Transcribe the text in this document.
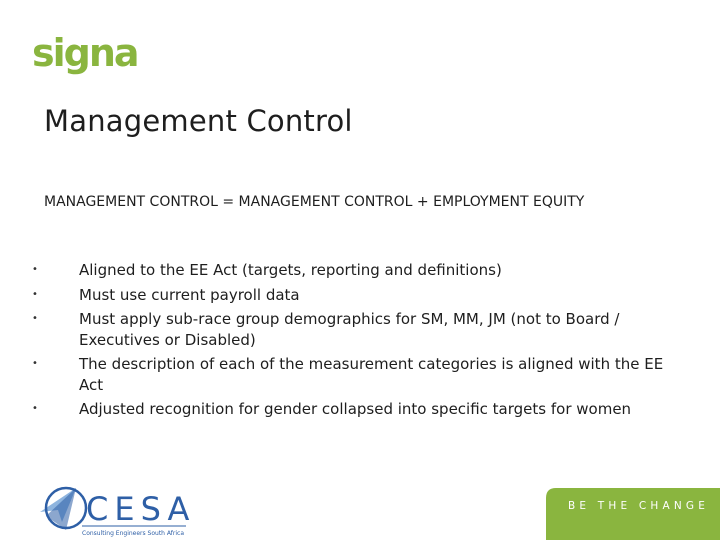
signa
Management Control
MANAGEMENT CONTROL = MANAGEMENT CONTROL + EMPLOYMENT EQUITY
•	Aligned to the EE Act (targets, reporting and definitions)
•	Must use current payroll data
•	Must apply sub-race group demographics for SM, MM, JM (not to Board / Executives or Disabled)
•	The description of each of the measurement categories is aligned with the EE Act
•	Adjusted recognition for gender collapsed into specific targets for women
CESA
Consulting Engineers South Africa
BE THE CHANGE
